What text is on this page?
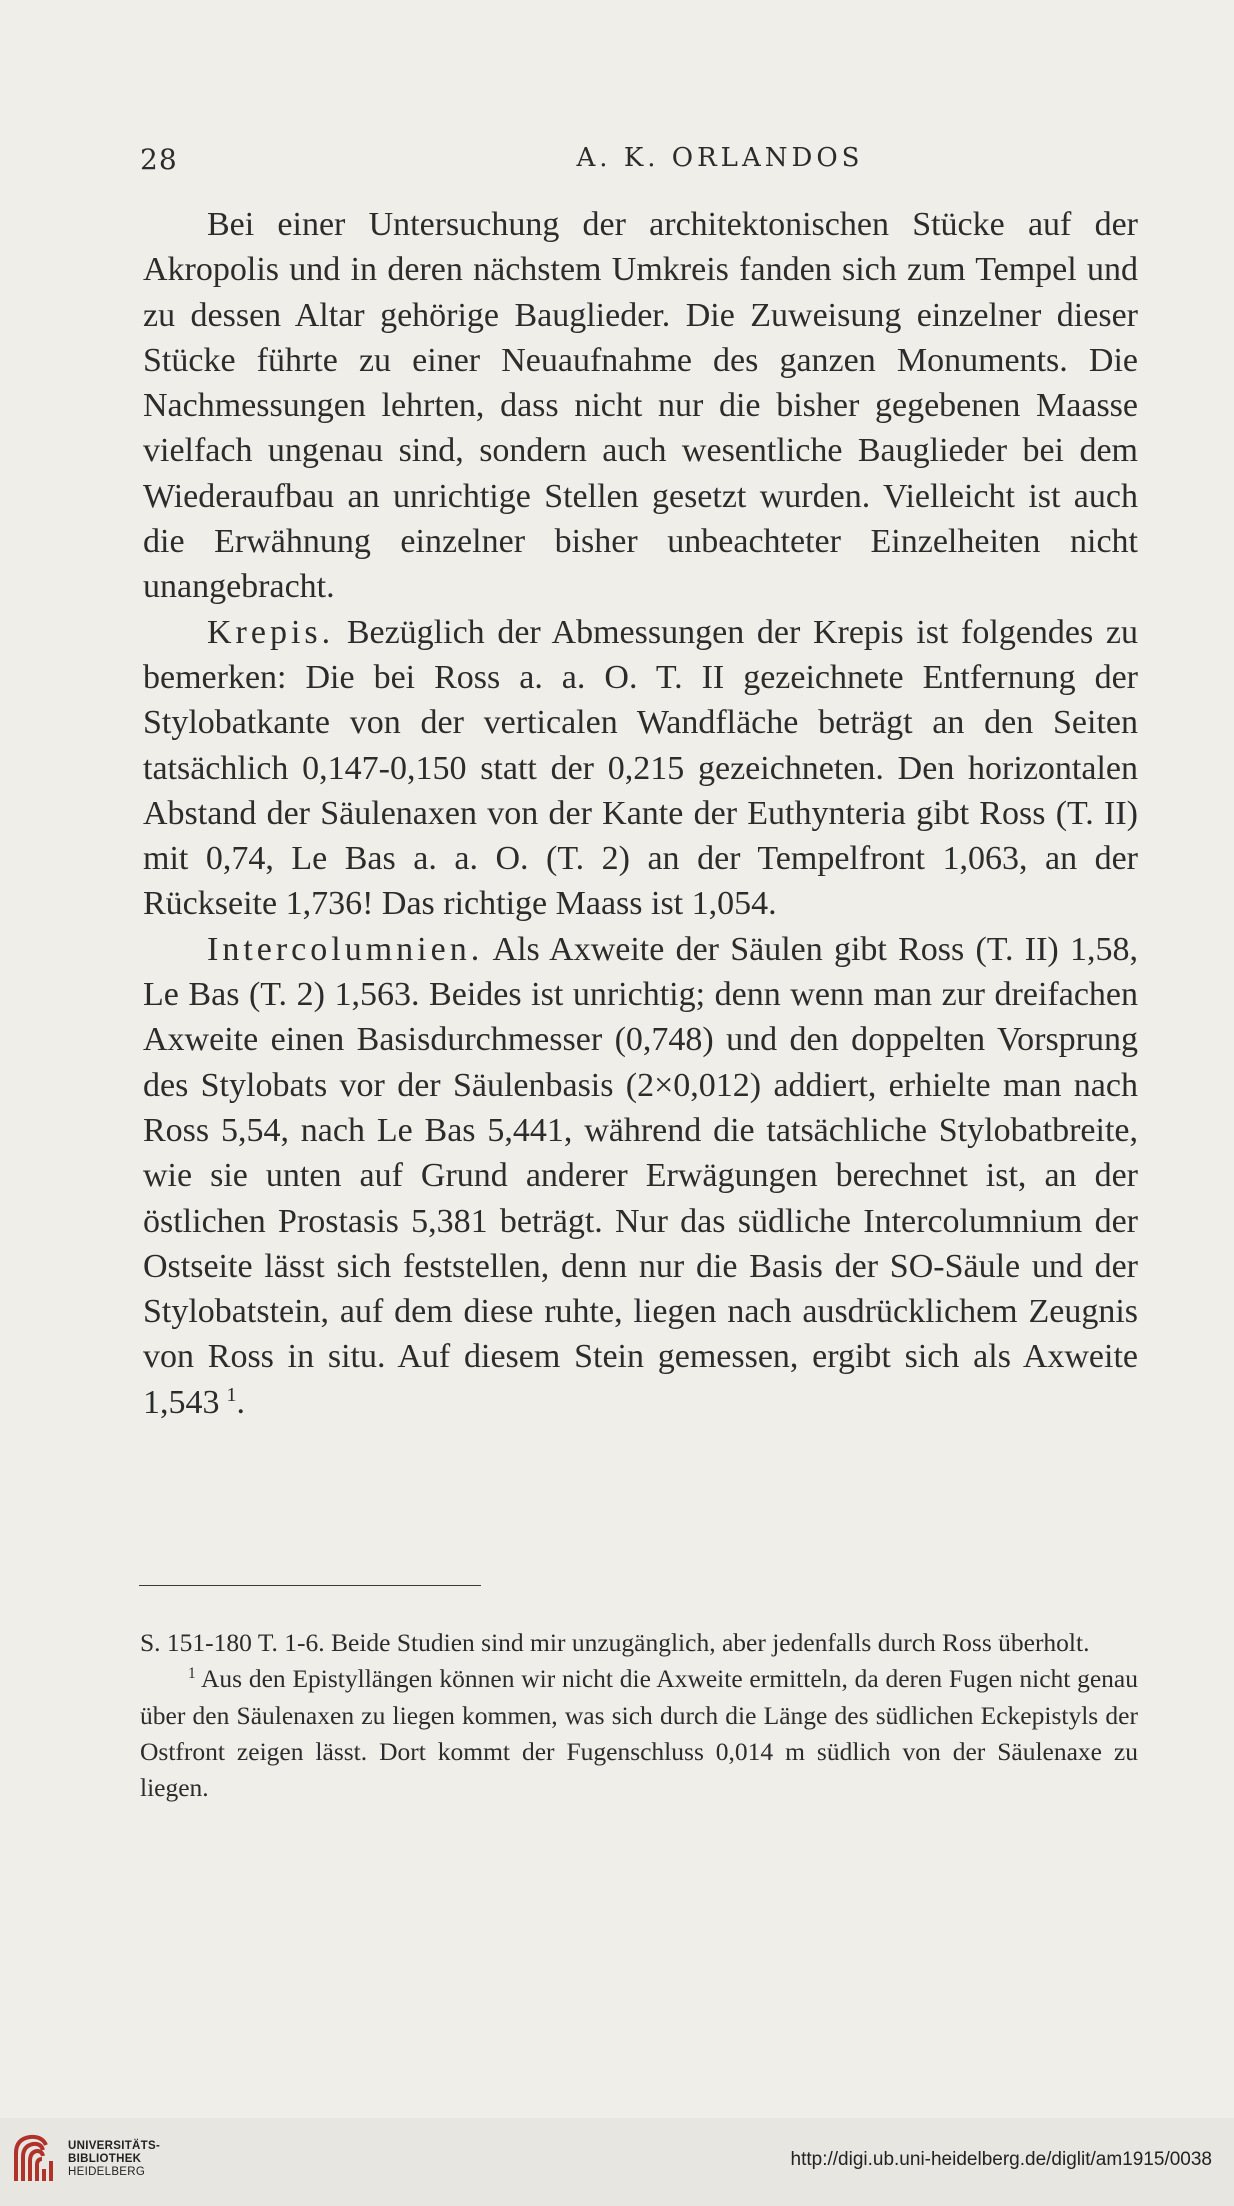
28	A. K. ORLANDOS

Bei einer Untersuchung der architektonischen Stücke auf der Akropolis und in deren nächstem Umkreis fanden sich zum Tempel und zu dessen Altar gehörige Bauglieder. Die Zuweisung einzelner dieser Stücke führte zu einer Neuaufnahme des ganzen Monuments. Die Nachmessungen lehrten, dass nicht nur die bisher gegebenen Maasse vielfach ungenau sind, sondern auch wesentliche Bauglieder bei dem Wiederaufbau an unrichtige Stellen gesetzt wurden. Vielleicht ist auch die Erwähnung einzelner bisher unbeachteter Einzelheiten nicht unangebracht.

Krepis. Bezüglich der Abmessungen der Krepis ist folgendes zu bemerken: Die bei Ross a. a. O. T. II gezeichnete Entfernung der Stylobatkante von der verticalen Wandfläche beträgt an den Seiten tatsächlich 0,147-0,150 statt der 0,215 gezeichneten. Den horizontalen Abstand der Säulenaxen von der Kante der Euthynteria gibt Ross (T. II) mit 0,74, Le Bas a. a. O. (T. 2) an der Tempelfront 1,063, an der Rückseite 1,736! Das richtige Maass ist 1,054.

Intercolumnien. Als Axweite der Säulen gibt Ross (T. II) 1,58, Le Bas (T. 2) 1,563. Beides ist unrichtig; denn wenn man zur dreifachen Axweite einen Basisdurchmesser (0,748) und den doppelten Vorsprung des Stylobats vor der Säulenbasis (2×0,012) addiert, erhielte man nach Ross 5,54, nach Le Bas 5,441, während die tatsächliche Stylobatbreite, wie sie unten auf Grund anderer Erwägungen berechnet ist, an der östlichen Prostasis 5,381 beträgt. Nur das südliche Intercolumnium der Ostseite lässt sich feststellen, denn nur die Basis der SO-Säule und der Stylobatstein, auf dem diese ruhte, liegen nach ausdrücklichem Zeugnis von Ross in situ. Auf diesem Stein gemessen, ergibt sich als Axweite 1,543  $^1$.

S. 151-180 T. 1-6. Beide Studien sind mir unzugänglich, aber jedenfalls durch Ross überholt.

$^1$ Aus den Epistyllängen können wir nicht die Axweite ermitteln, da deren Fugen nicht genau über den Säulenaxen zu liegen kommen, was sich durch die Länge des südlichen Eckepistyls der Ostfront zeigen lässt. Dort kommt der Fugenschluss 0,014 m südlich von der Säulenaxe zu liegen.

UNIVERSITÄTS-
BIBLIOTHEK
HEIDELBERG
http://digi.ub.uni-heidelberg.de/diglit/am1915/0038
